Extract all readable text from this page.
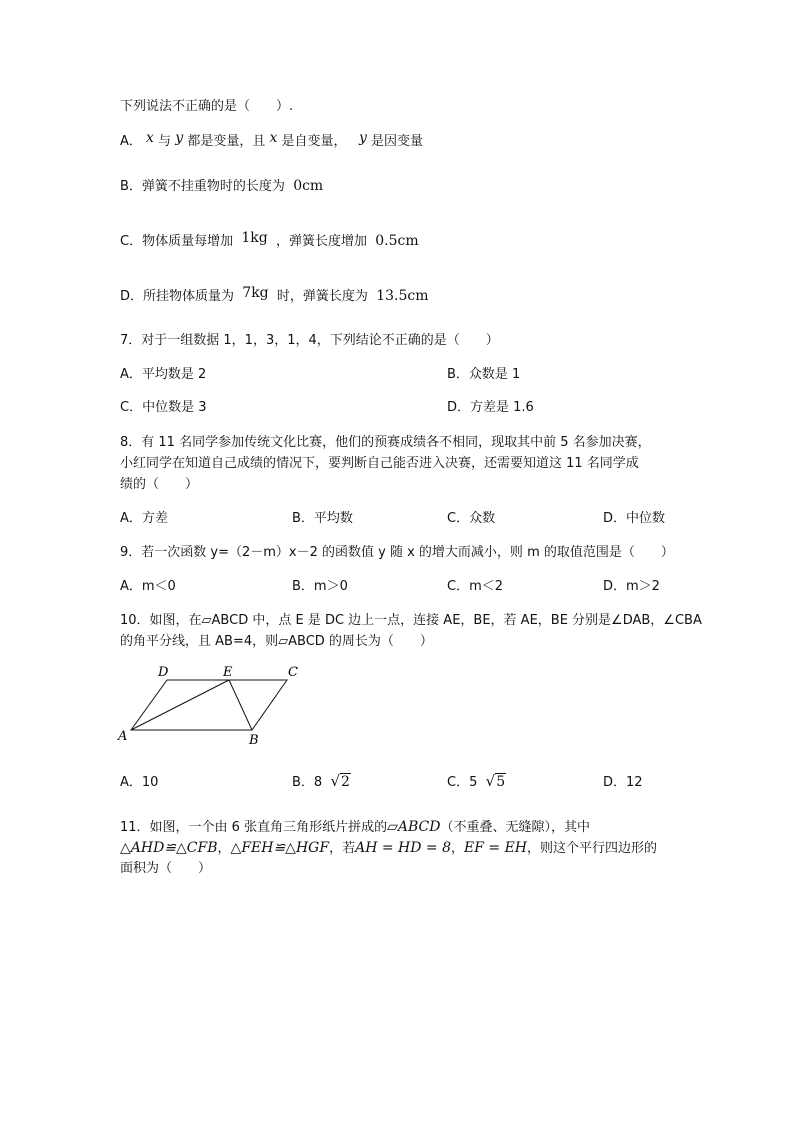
下列说法不正确的是（　　）.
A． x 与 y 都是变量，且 x 是自变量， y 是因变量
B．弹簧不挂重物时的长度为 0cm
C．物体质量每增加 1kg ，弹簧长度增加 0.5cm
D．所挂物体质量为 7kg 时，弹簧长度为 13.5cm
7．对于一组数据 1，1，3，1，4，下列结论不正确的是（　　）
A．平均数是 2	B．众数是 1
C．中位数是 3	D．方差是 1.6
8．有 11 名同学参加传统文化比赛，他们的预赛成绩各不相同，现取其中前 5 名参加决赛，
小红同学在知道自己成绩的情况下，要判断自己能否进入决赛，还需要知道这 11 名同学成
绩的（　　）
A．方差	B．平均数	C．众数	D．中位数
9．若一次函数 y=（2－m）x－2 的函数值 y 随 x 的增大而减小，则 m 的取值范围是（　　）
A．m＜0	B．m＞0	C．m＜2	D．m＞2
10．如图，在▱ABCD 中，点 E 是 DC 边上一点，连接 AE，BE，若 AE，BE 分别是∠DAB，∠CBA
的角平分线，且 AB=4，则▱ABCD 的周长为（　　）
D	E	C
A	B
A．10	B．8 √2	C．5 √5	D．12
11．如图，一个由 6 张直角三角形纸片拼成的▱ABCD（不重叠、无缝隙），其中
△AHD≌△CFB，△FEH≌△HGF，若AH = HD = 8，EF = EH，则这个平行四边形的
面积为（　　）
